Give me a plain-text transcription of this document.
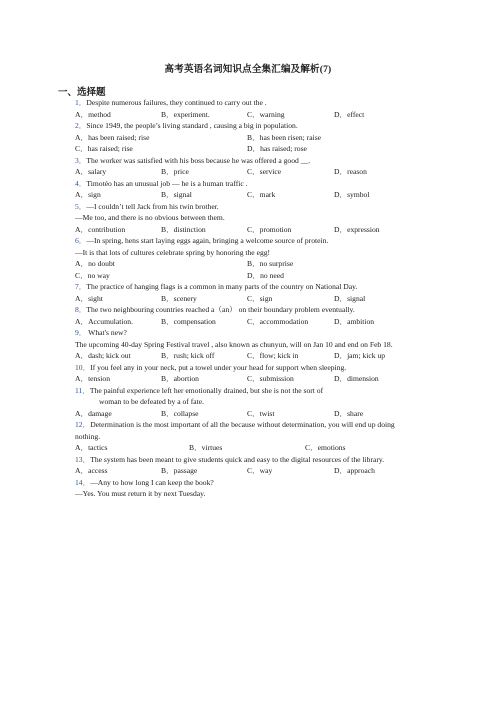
高考英语名词知识点全集汇编及解析(7)
一、选择题
1．Despite numerous failures, they continued to carry out the .
A．method	B．experiment.	C．warning	D．effect
2．Since 1949, the people’s living standard , causing a big in population.
A．has been raised; rise	B．has been risen; raise
C．has raised; rise	D．has raised; rose
3．The worker was satisfied with his boss because he was offered a good __.
A．salary	B．price	C．service	D．reason
4．Timotéo has an unusual job — he is a human traffic .
A．sign	B．signal	C．mark	D．symbol
5．—I couldn’t tell Jack from his twin brother.
—Me too, and there is no obvious between them.
A．contribution	B．distinction	C．promotion	D．expression
6．—In spring, hens start laying eggs again, bringing a welcome source of protein.
—It is that lots of cultures celebrate spring by honoring the egg!
A．no doubt	B．no surprise
C．no way	D．no need
7．The practice of hanging flags is a common in many parts of the country on National Day.
A．sight	B．scenery	C．sign	D．signal
8．The two neighbouring countries reached a（an） on their boundary problem eventually.
A．Accumulation.	B．compensation	C．accommodation	D．ambition
9． What's new?
The upcoming 40-day Spring Festival travel , also known as chunyun, will on Jan 10 and end on Feb 18.
A．dash; kick out	B．rush; kick off	C．flow; kick in	D．jam; kick up
10．If you feel any in your neck, put a towel under your head for support when sleeping.
A．tension	B．abortion	C．submission	D．dimension
11．The painful experience left her emotionally drained, but she is not the sort of
woman to be defeated by a of fate.
A．damage	B．collapse	C．twist	D．share
12．Determination is the most important of all the because without determination, you will end up doing nothing.
A．tactics	B．virtues	C．emotions
13．The system has been meant to give students quick and easy to the digital resources of the library.
A．access	B．passage	C．way	D．approach
14．—Any to how long I can keep the book?
—Yes. You must return it by next Tuesday.
